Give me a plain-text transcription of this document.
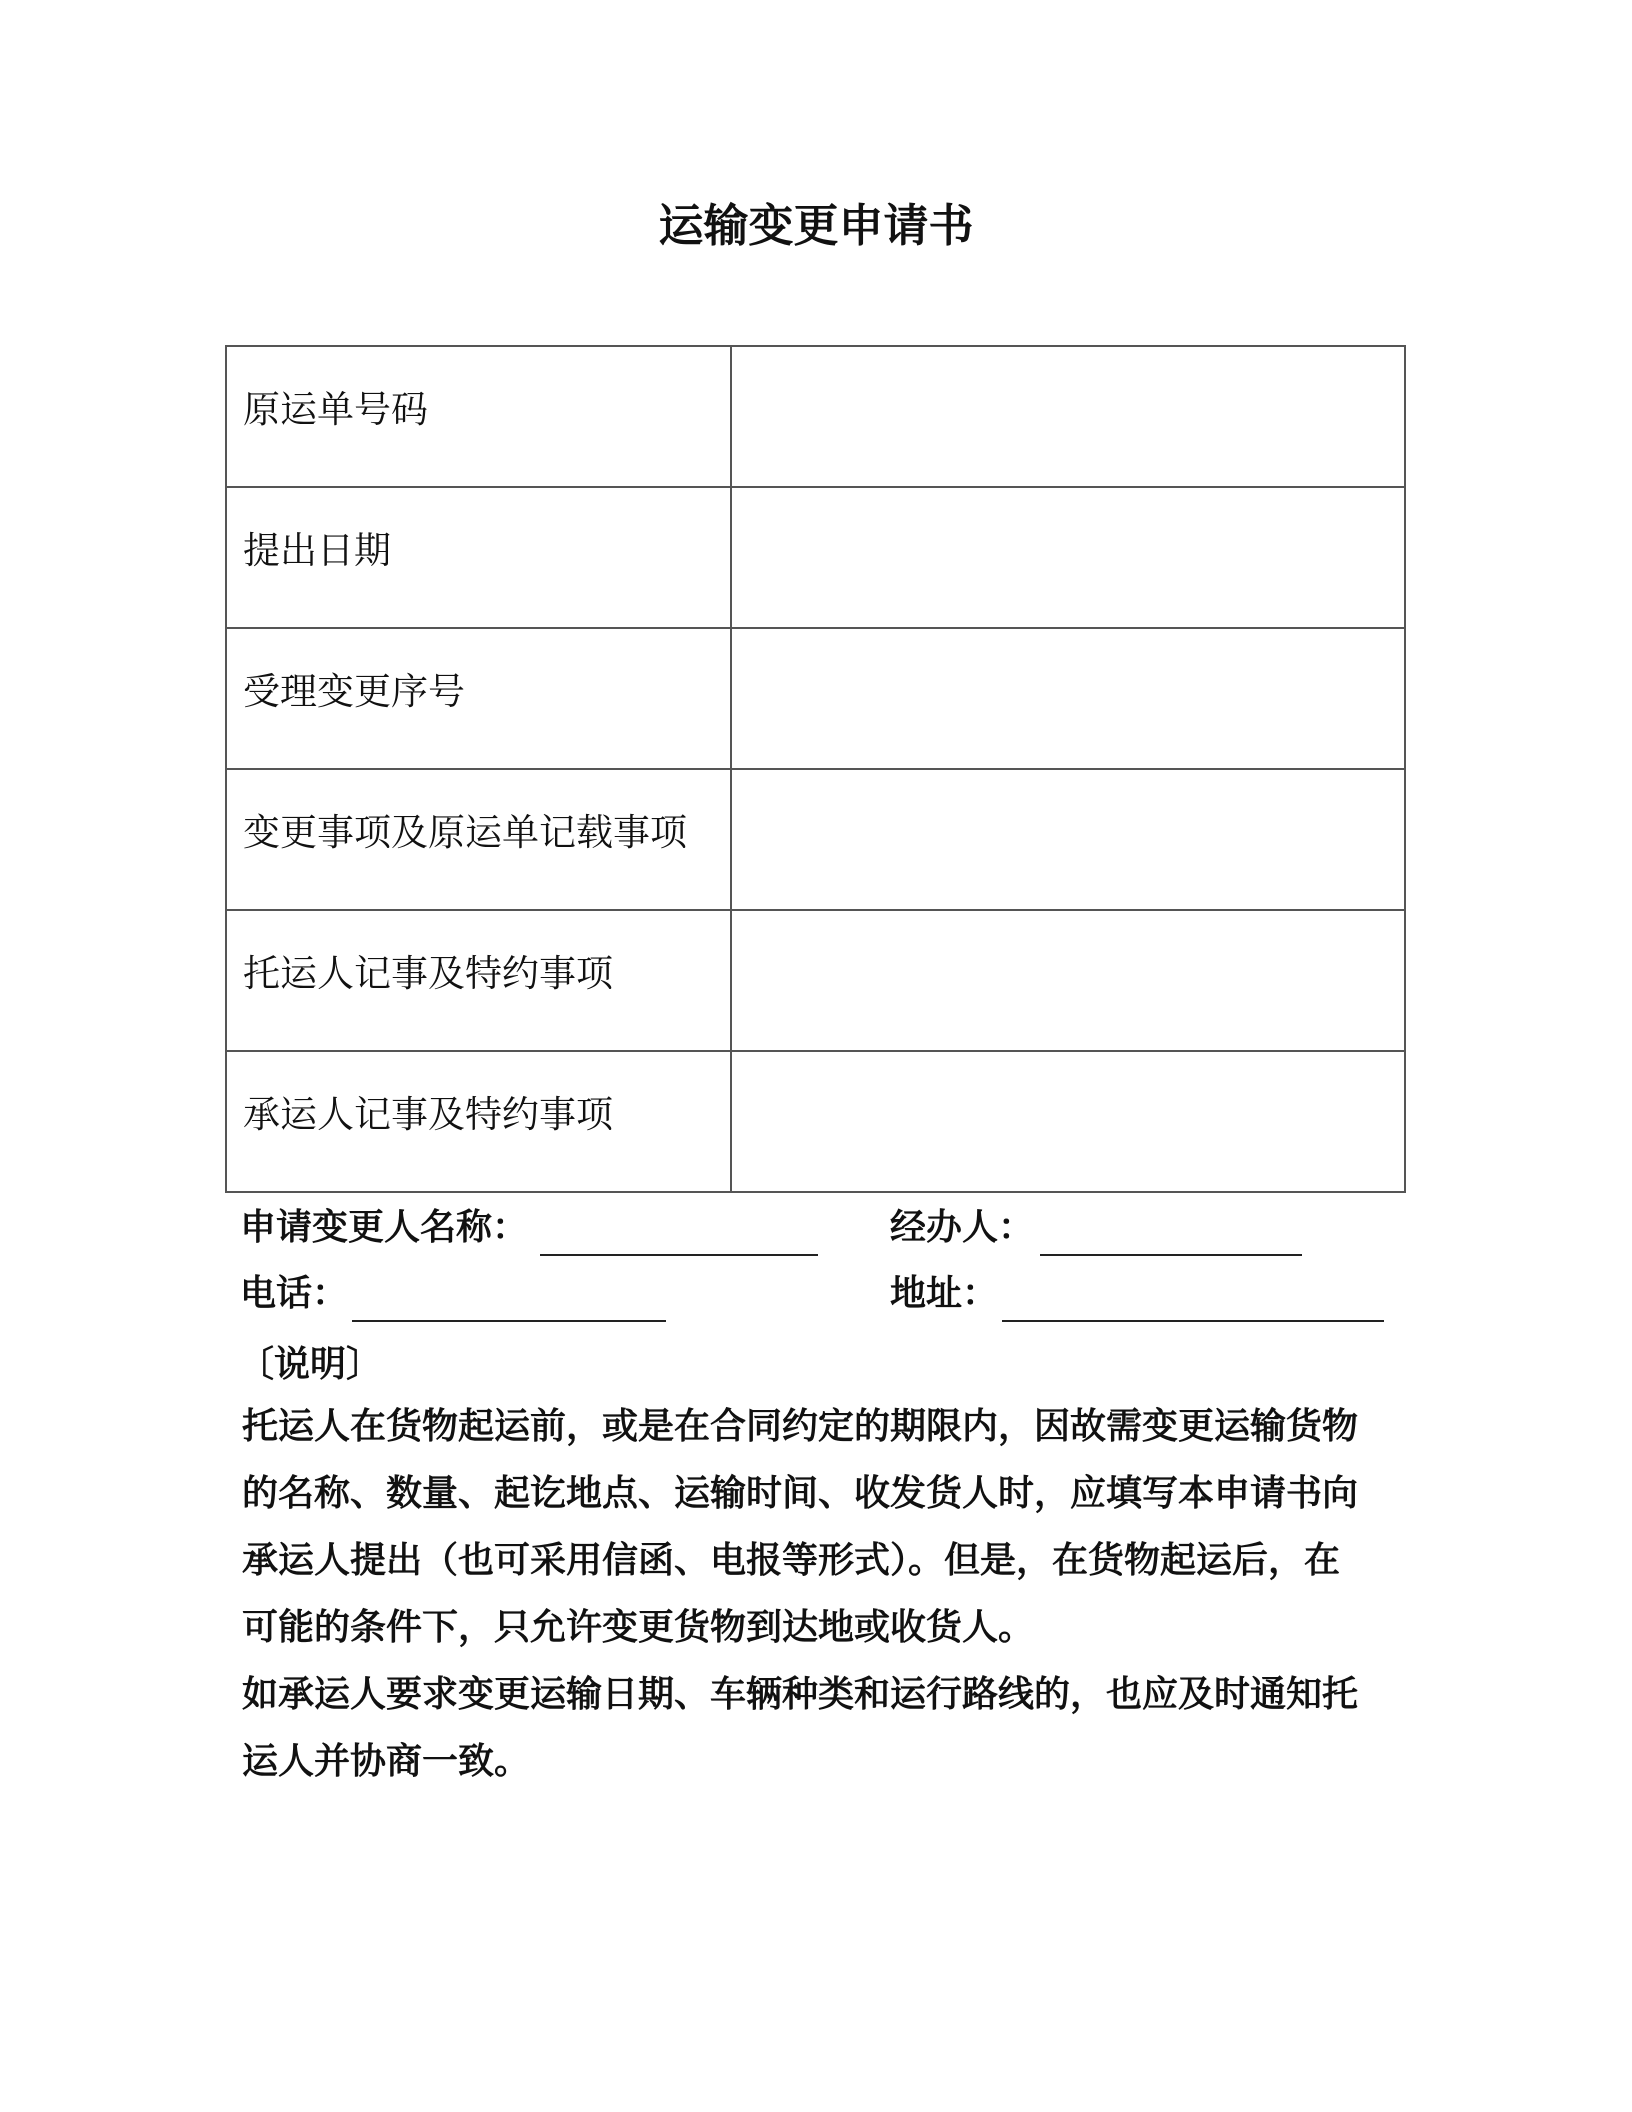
运输变更申请书
原运单号码	

提出日期	

受理变更序号	

变更事项及原运单记载事项	

托运人记事及特约事项	

承运人记事及特约事项	

申请变更人名称：	经办人：
电话：	地址：
〔说明〕
托运人在货物起运前，或是在合同约定的期限内，因故需变更运输货物
的名称、数量、起讫地点、运输时间、收发货人时，应填写本申请书向
承运人提出（也可采用信函、电报等形式）。但是，在货物起运后，在
可能的条件下，只允许变更货物到达地或收货人。
如承运人要求变更运输日期、车辆种类和运行路线的，也应及时通知托
运人并协商一致。
